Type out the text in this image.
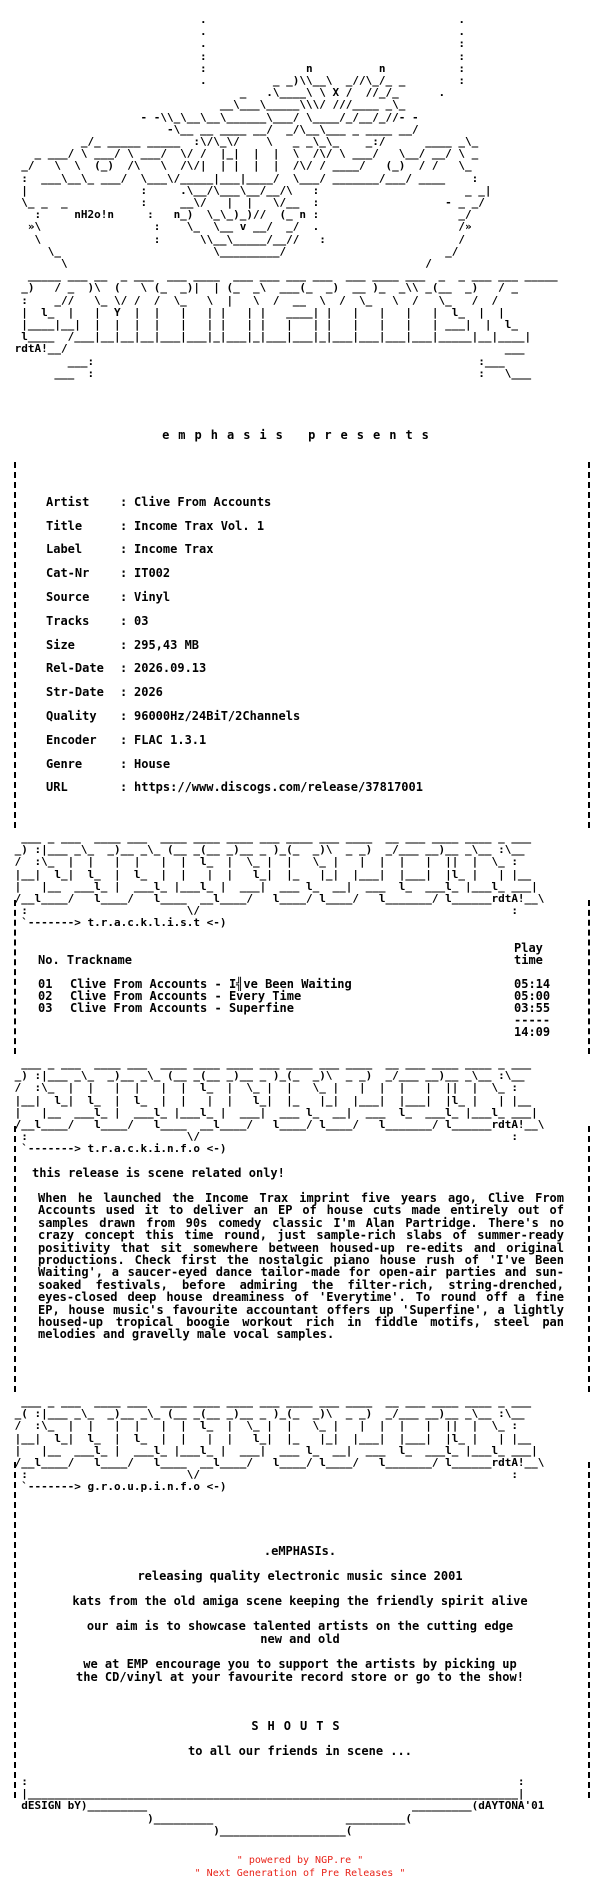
.                                      .
.                                      .
.                                      :
:                                      :
:               n          n           :
.          _ _)\\__\  _//\_/_ _        :
_   .\____\ \ X /  //_/_      .
__\___\_____\\\/ ///____ _\_
- -\\_\__\__\______\___/ \____/_/__/_//- -
-\__ __ ____ __/  _/\__\___ _ ____ __/
_/_ _____ _____  :\/\_\/    \   _ _\_\_    _:/      ____ _\_
_ ___/ \ ___/ \ ___/  \/ /  |_|  |  |  \  /\/ \ ___/   \__/ __/ \ _
_/   \  \  (_)  /\   \  /\/|  | |  |  |  /\/ / ____/   (_)  / /   \_
:  ___\__\_ ___/  \___\/_____|___|____/  \___/ _______/___/ ____    :
|                 :     .\__/\___\__/__/\   :                      _ _|
\_ _  _           :     __\/   |  |   \/__  :                   - _ _/
:     nH2o!n     :   n_)  \_\_)_)//  (_ n :                     _/
»\                 :    \_  \__ v __/  _/  .                     /»
\                 :      \\__\_____/__//   :                    /
\_                       \_________/                        _/
\                                                      /
_____ ___ __  _ ___  ___ ____  ___ ___ ___ ___  ___ ____ ___  _  _ ___ ___ _____
_)   / _  )\  (   \ (_  _)|  | (_  _\  ___(_  _)  __ )_  _\\ _(__  _)   / _
:    _//   \_ \/ /  /  \_   \  |   \  /  __  \  /  \_   \  /   \_   /  /
|  l_  |   |  Y  |  |   |   | |   | |   ____| |   |   |   |   |  l_  |  |
|____|__|  |  |  |  |   |   | |   | |   |   | |   |   |   |   | ___|  |  l_
l____  /___|__|__|__|___|___|_|___|_|___|___|_|___|___|___|___|_____|__|____|
rdtA!__/                                                                  ___
___:                                                          :___
___  :                                                          :   \___
emphasis presents
Artist	:	Clive From Accounts
Title	:	Income Trax Vol. 1
Label	:	Income Trax
Cat-Nr	:	IT002
Source	:	Vinyl
Tracks	:	03
Size	:	295,43 MB
Rel-Date	:	2026.09.13
Str-Date	:	2026
Quality	:	96000Hz/24BiT/2Channels
Encoder	:	FLAC 1.3.1
Genre	:	House
URL	:	https://www.discogs.com/release/37817001
___ _ ___  ____ ___  ____ ____ ____ ___ ____ ___ ____  __ ___ ____ ____ _ ___
_) :|___ _\_  _)__ _\_ (__ _(__ _)__ _ )_(_  _)\  _ _)  _/___ __)__ _\__ :\__
/  :\_  |  |   |  |   |  |  l_  |  \_ |  |   \_ |   |  |  |   |  ||  |  \_ :
|__|  l_|  l_  |  l_  |  |   |  |   l_|  |_   |_|  |___|  |___|  |l_ |   | |__
|   |__  ___l_ |  ___l_ |___l_ |  ___|  ___ l_  __|  ___  l_  ___l_ |___l_ ___|
/__l____/   l____/   l____  __l____/   l____/ l____/   l_______/ l______rdtA!__\
:                        \/                                               :
`-------> t.r.a.c.k.l.i.s.t <-)
No. Trackname
Play
time
01	Clive From Accounts - I╣ve Been Waiting	05:14
02	Clive From Accounts - Every Time	05:00
03	Clive From Accounts - Superfine	03:55
-----
14:09
___ _ ___  ____ ___  ____ ____ ____ ___ ____ ___ ____  __ ___ ____ ____ _ ___
_) :|___ _\_  _)__ _\_ (__ _(__ _)__ _ )_(_  _)\  _ _)  _/___ __)__ _\__ :\__
/  :\_  |  |   |  |   |  |  l_  |  \_ |  |   \_ |   |  |  |   |  ||  |  \_ :
|__|  l_|  l_  |  l_  |  |   |  |   l_|  |_   |_|  |___|  |___|  |l_ |   | |__
|   |__  ___l_ |  ___l_ |___l_ |  ___|  ___ l_  __|  ___  l_  ___l_ |___l_ ___|
/__l____/   l____/   l____  __l____/   l____/ l____/   l_______/ l______rdtA!__\
:                        \/                                               :
`-------> t.r.a.c.k.i.n.f.o <-)
this release is scene related only!
When he launched the Income Trax imprint five years ago, Clive From Accounts used it to deliver an EP of house cuts made entirely out of samples drawn from 90s comedy classic I'm Alan Partridge. There's no crazy concept this time round, just sample-rich slabs of summer-ready positivity that sit somewhere between housed-up re-edits and original productions. Check first the nostalgic piano house rush of 'I've Been Waiting', a saucer-eyed dance tailor-made for open-air parties and sun-soaked festivals, before admiring the filter-rich, string-drenched, eyes-closed deep house dreaminess of 'Everytime'. To round off a fine EP, house music's favourite accountant offers up 'Superfine', a lightly housed-up tropical boogie workout rich in fiddle motifs, steel pan melodies and gravelly male vocal samples.
___ _ ___  ____ ___  ____ ____ ____ ___ ____ ___ ____  __ ___ ____ ____ _ ___
_( :|___ _\_  _)__ _\_ (__ _(__ _)__ _ )_(_  _)\  _ _)  _/___ __)__ _\__ :\__
/  :\_  |  |   |  |   |  |  l_  |  \_ |  |   \_ |   |  |  |   |  ||  |  \_ :
|__|  l_|  l_  |  l_  |  |   |  |   l_|  |_   |_|  |___|  |___|  |l_ |   | |__
|   |__  ___l_ |  ___l_ |___l_ |  ___|  ___ l_  __|  ___  l_  ___l_ |___l_ ___|
/__l____/   l____/   l____  __l____/   l____/ l____/   l_______/ l______rdtA!__\
:                        \/                                               :
`-------> g.r.o.u.p.i.n.f.o <-)
.eMPHASIs.
releasing quality electronic music since 2001
kats from the old amiga scene keeping the friendly spirit alive
our aim is to showcase talented artists on the cutting edge
new and old
we at EMP encourage you to support the artists by picking up
the CD/vinyl at your favourite record store or go to the show!
SHOUTS
to all our friends in scene ...
:                                                                          :
|__________________________________________________________________________|
dESIGN bY)_________                                        _________(dAYTONA'01
)_________                    _________(
)___________________(
" powered by NGP.re "
" Next Generation of Pre Releases "
